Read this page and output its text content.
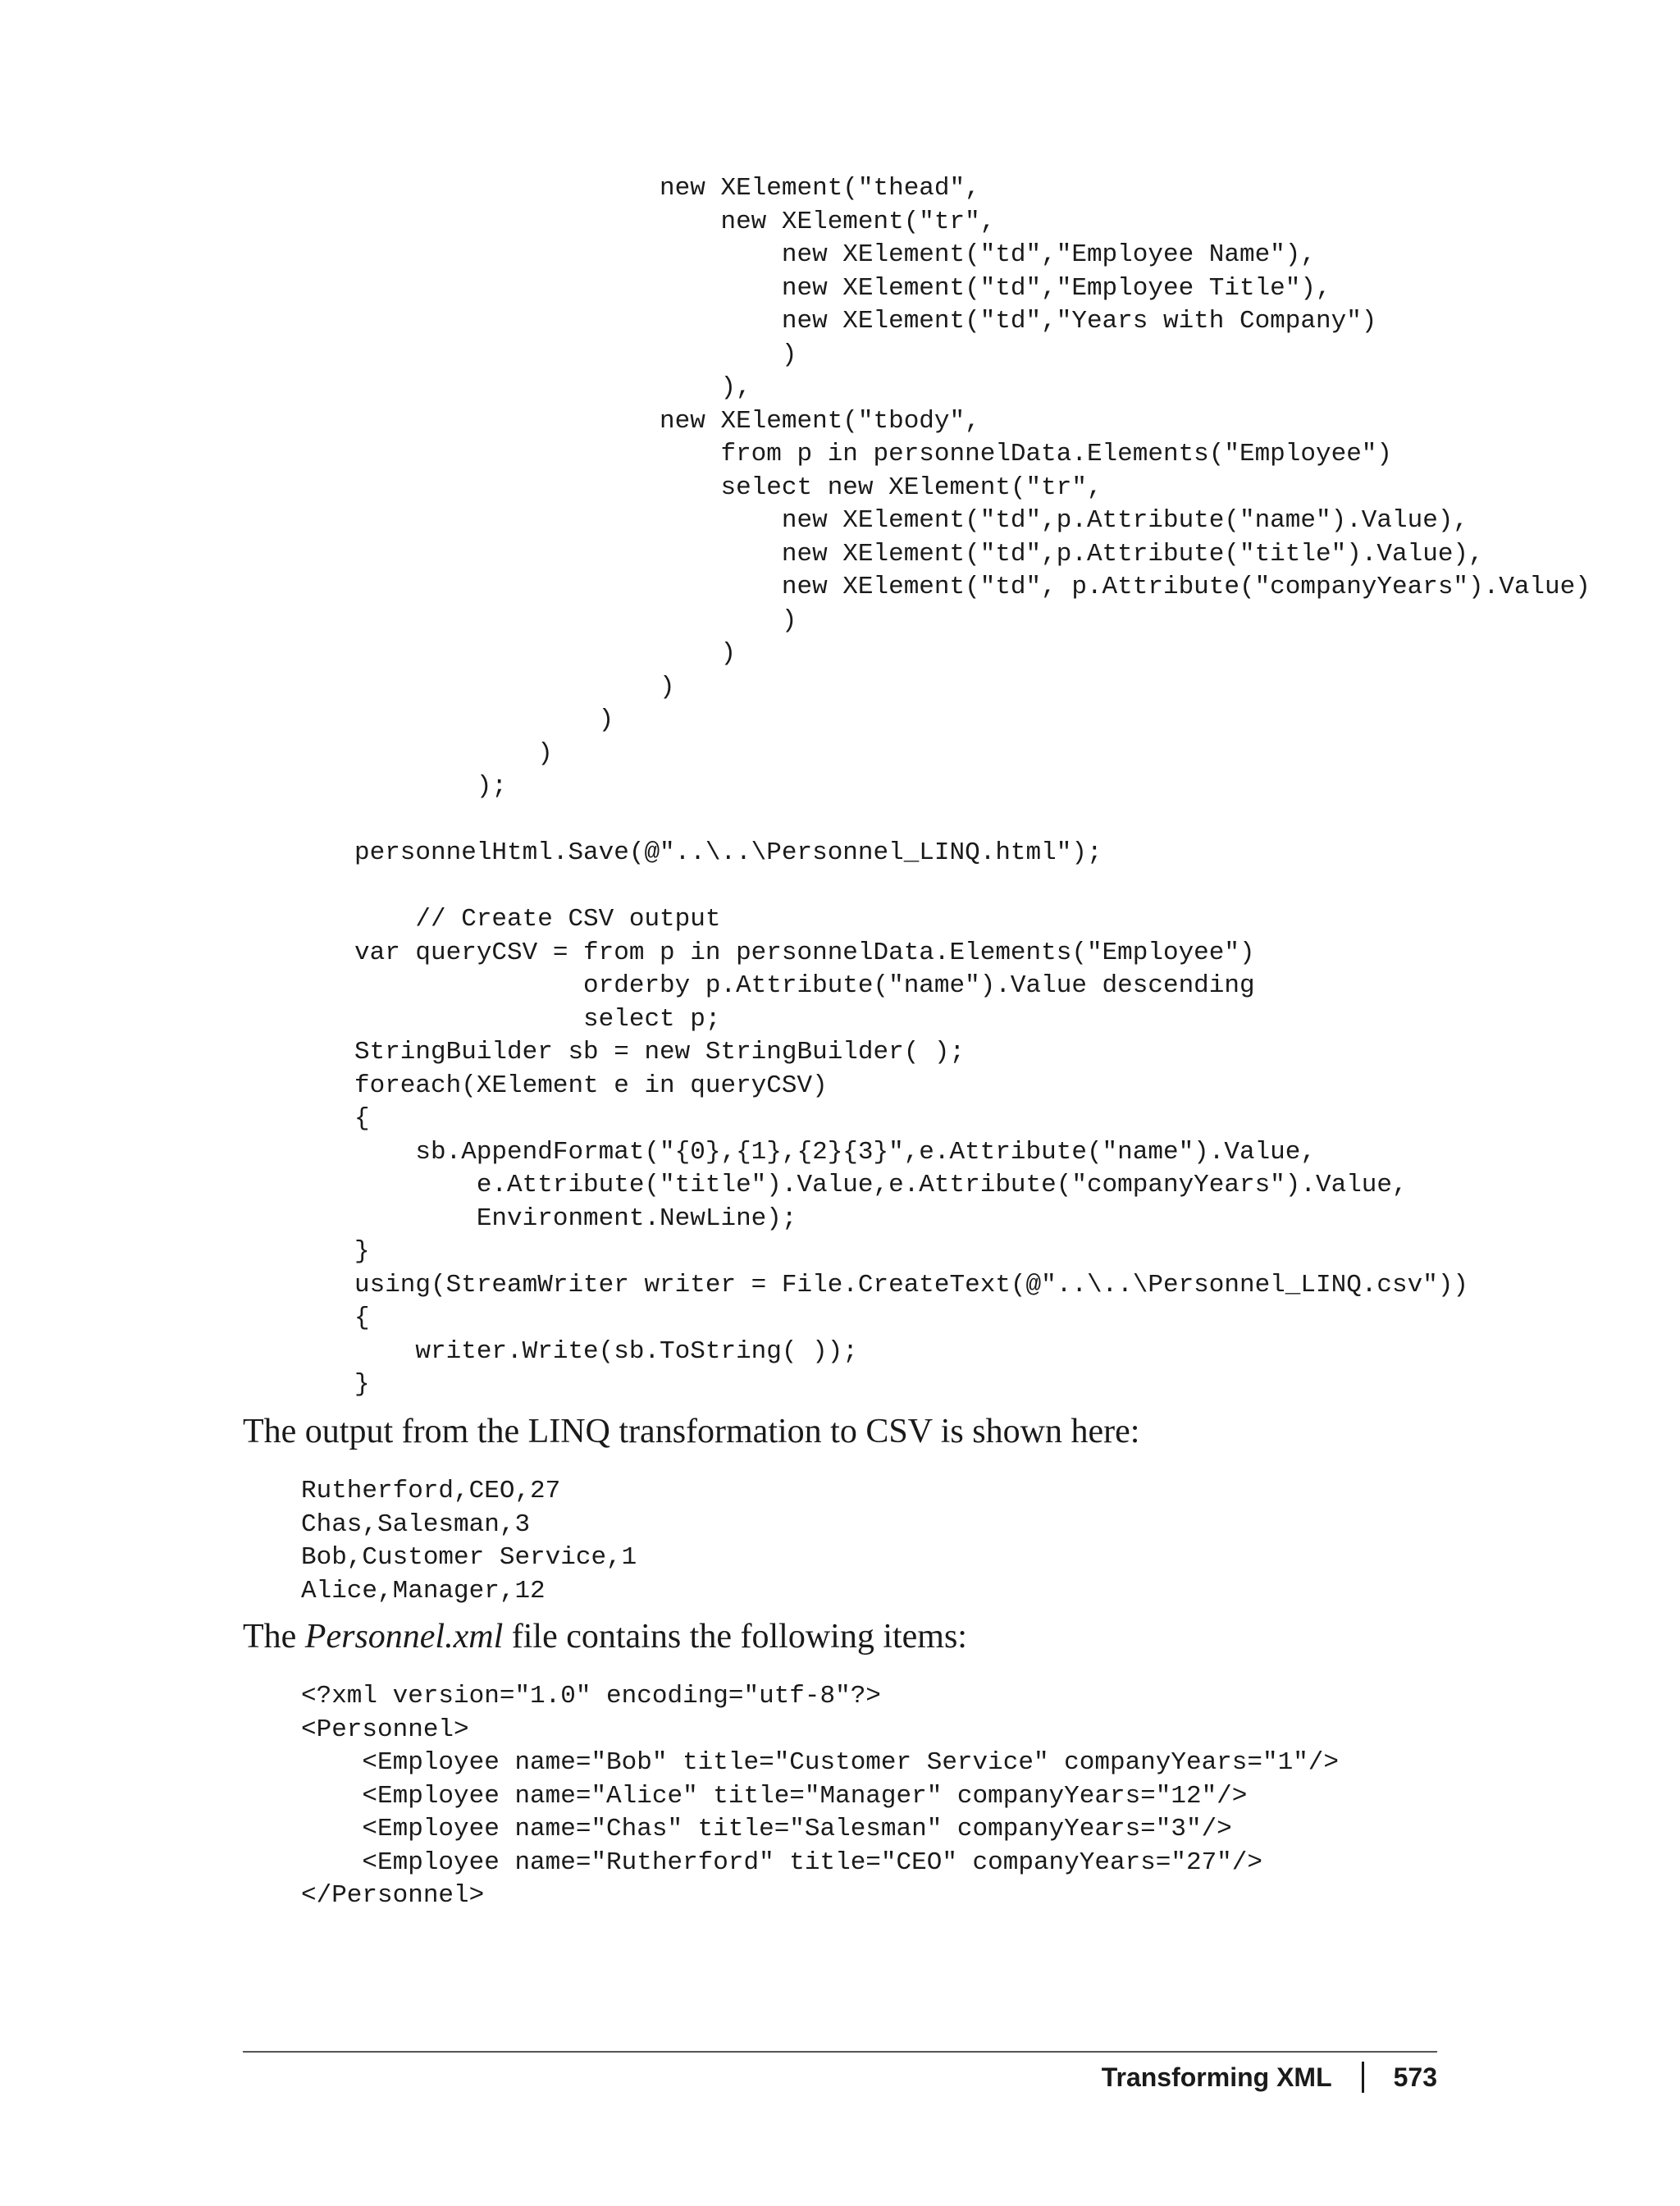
new XElement("thead",
new XElement("tr",
new XElement("td","Employee Name"),
new XElement("td","Employee Title"),
new XElement("td","Years with Company")
)
),
new XElement("tbody",
from p in personnelData.Elements("Employee")
select new XElement("tr",
new XElement("td",p.Attribute("name").Value),
new XElement("td",p.Attribute("title").Value),
new XElement("td", p.Attribute("companyYears").Value)
)
)
)
)
)
);

personnelHtml.Save(@"..\..\Personnel_LINQ.html");

// Create CSV output
var queryCSV = from p in personnelData.Elements("Employee")
orderby p.Attribute("name").Value descending
select p;
StringBuilder sb = new StringBuilder( );
foreach(XElement e in queryCSV)
{
sb.AppendFormat("{0},{1},{2}{3}",e.Attribute("name").Value,
e.Attribute("title").Value,e.Attribute("companyYears").Value,
Environment.NewLine);
}
using(StreamWriter writer = File.CreateText(@"..\..\Personnel_LINQ.csv"))
{
writer.Write(sb.ToString( ));
}

The output from the LINQ transformation to CSV is shown here:

Rutherford,CEO,27
Chas,Salesman,3
Bob,Customer Service,1
Alice,Manager,12

The Personnel.xml file contains the following items:

<?xml version="1.0" encoding="utf-8"?>
<Personnel>
<Employee name="Bob" title="Customer Service" companyYears="1"/>
<Employee name="Alice" title="Manager" companyYears="12"/>
<Employee name="Chas" title="Salesman" companyYears="3"/>
<Employee name="Rutherford" title="CEO" companyYears="27"/>
</Personnel>
Transforming XML 573
